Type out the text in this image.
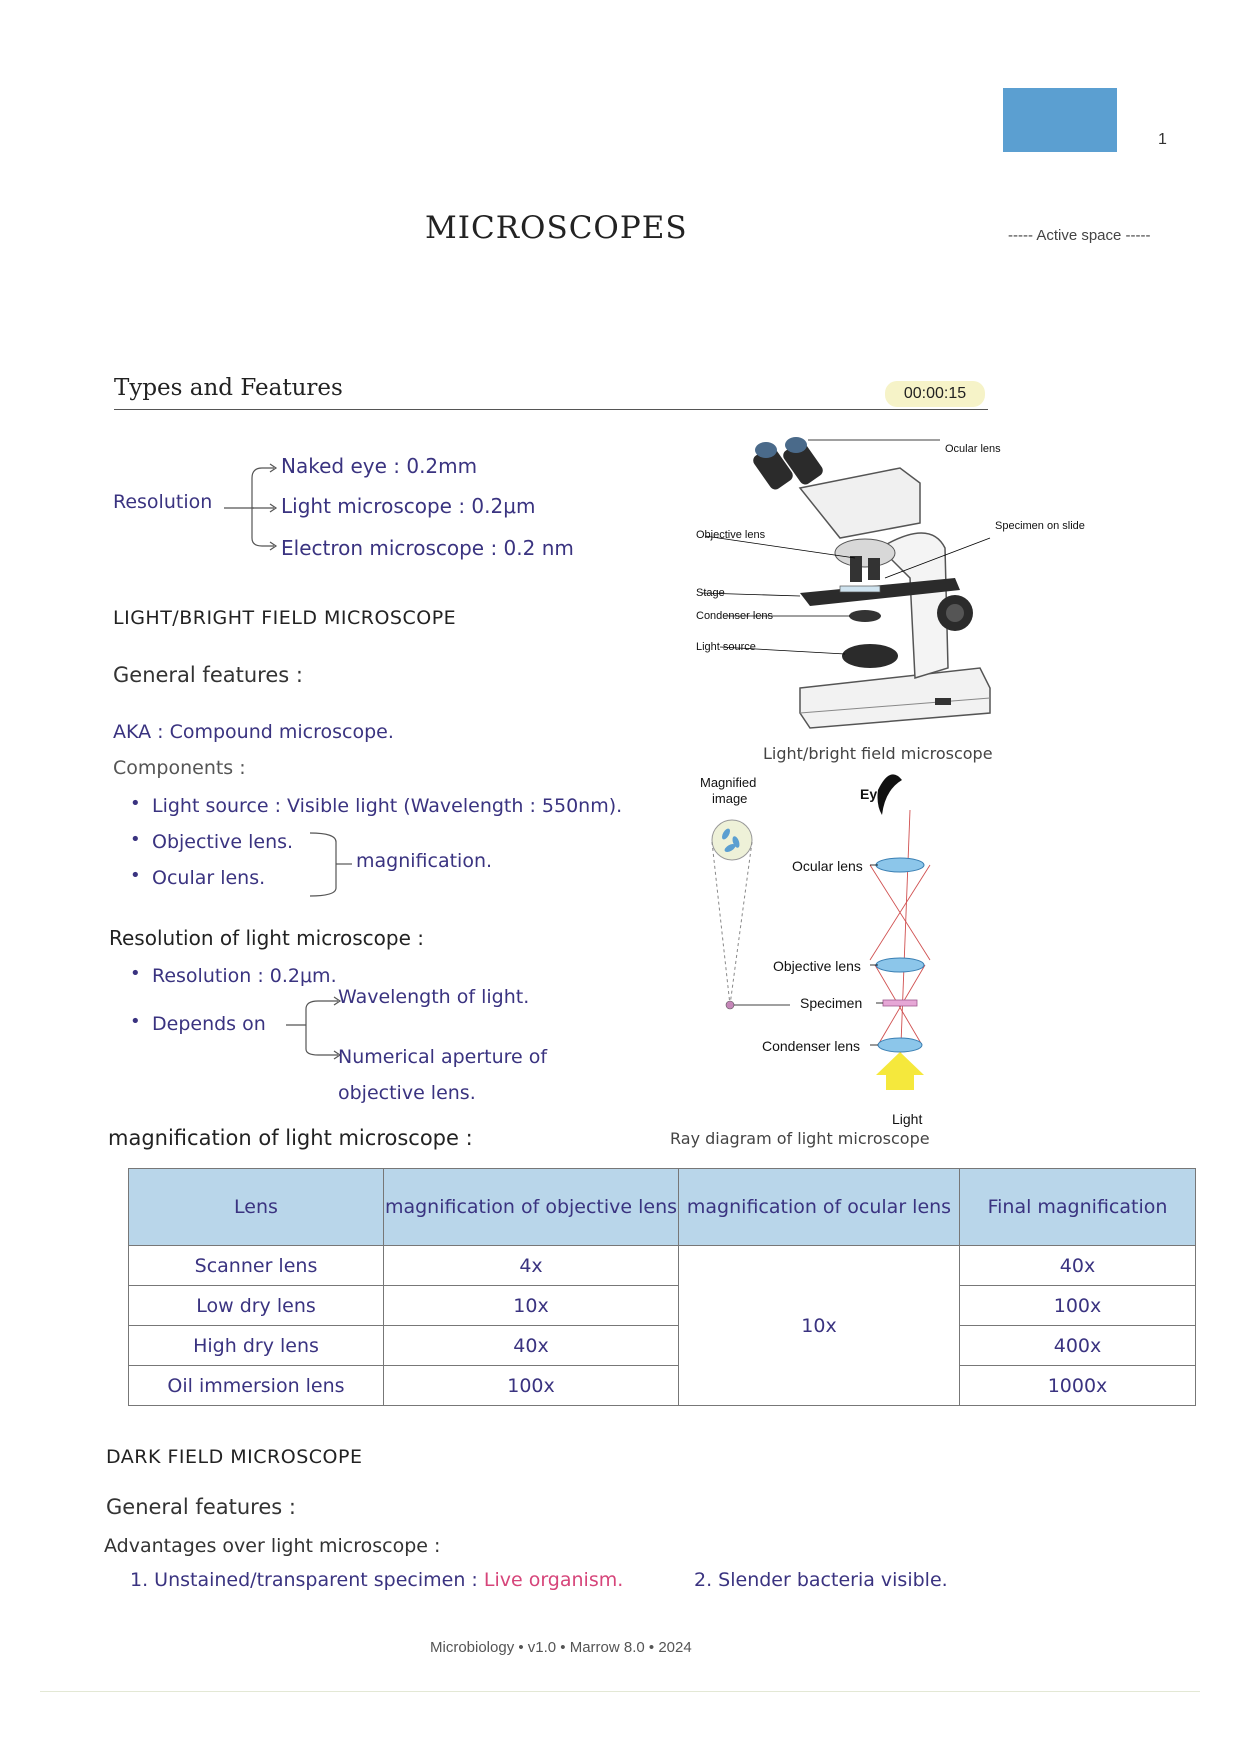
1
MICROSCOPES	----- Active space -----
Types and Features	00:00:15
Resolution
Naked eye : 0.2mm
Light microscope : 0.2μm
Electron microscope : 0.2 nm
LIGHT/BRIGHT FIELD MICROSCOPE
General features :
AKA : Compound microscope.
Components :
• Light source : Visible light (Wavelength : 550nm).
• Objective lens.
• Ocular lens.
magnification.
Resolution of light microscope :
• Resolution : 0.2μm.
• Depends on
Wavelength of light.
Numerical aperture of
objective lens.
magnification of light microscope :
Ocular lens
Specimen on slide
Objective lens
Stage
Condenser lens
Light source
Light/bright field microscope
Magnified
image	Eye
Ocular lens
Objective lens
Specimen
Condenser lens
Light
Ray diagram of light microscope
Lens	magnification of objective lens	magnification of ocular lens	Final magnification
Scanner lens	4x	10x	40x
Low dry lens	10x		100x
High dry lens	40x		400x
Oil immersion lens	100x		1000x
DARK FIELD MICROSCOPE
General features :
Advantages over light microscope :
1. Unstained/transparent specimen : Live organism.	2. Slender bacteria visible.
Microbiology • v1.0 • Marrow 8.0 • 2024
